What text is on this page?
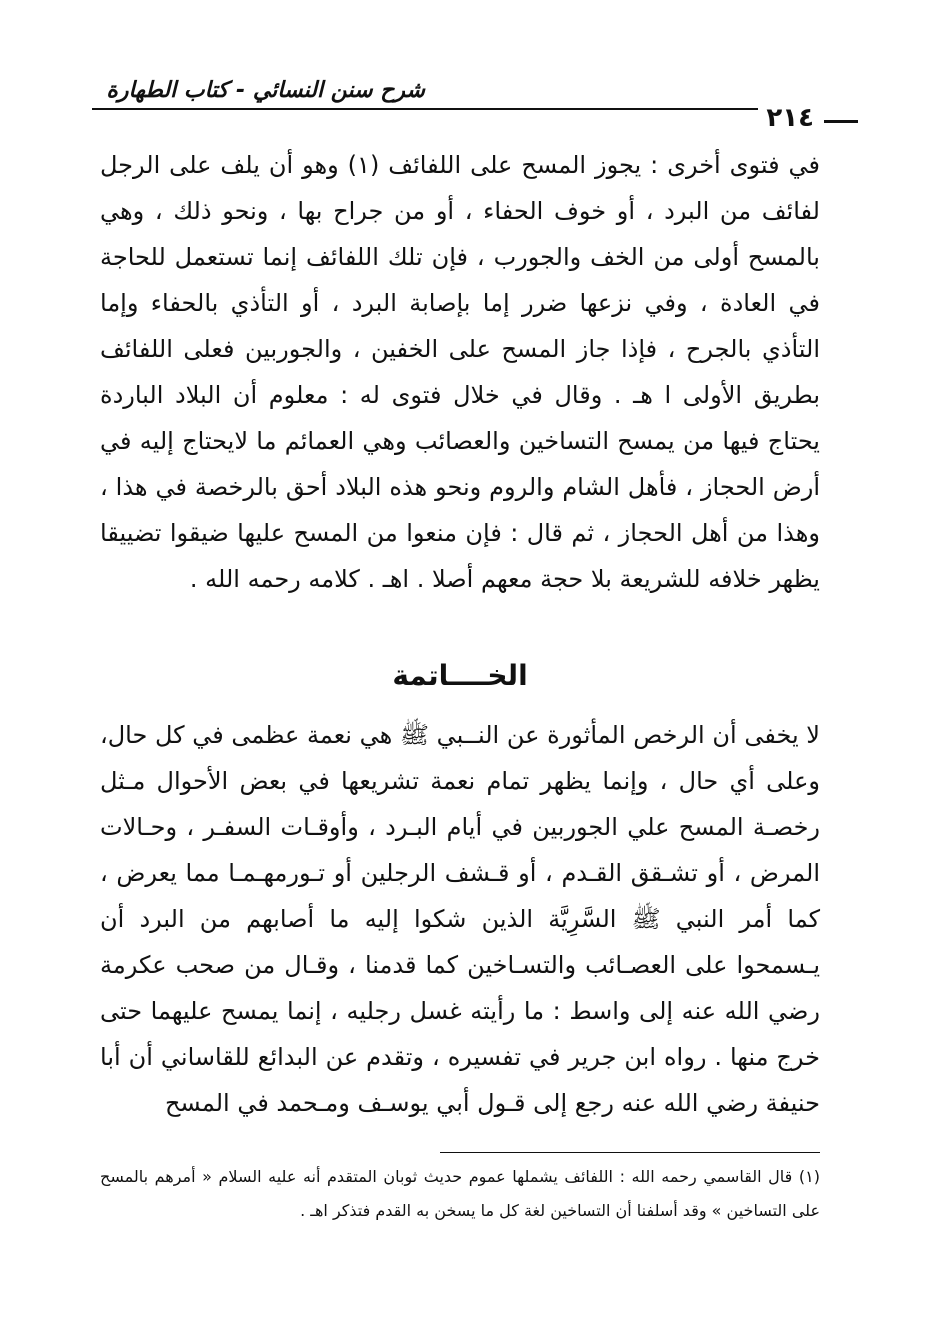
شرح سنن النسائي - كتاب الطهارة
٢١٤

في فتوى أخرى : يجوز المسح على اللفائف (١) وهو أن يلف على الرجل لفائف من البرد ، أو خوف الحفاء ، أو من جراح بها ، ونحو ذلك ، وهي بالمسح أولى من الخف والجورب ، فإن تلك اللفائف إنما تستعمل للحاجة في العادة ، وفي نزعها ضرر إما بإصابة البرد ، أو التأذي بالحفاء وإما التأذي بالجرح ، فإذا جاز المسح على الخفين ، والجوربين فعلى اللفائف بطريق الأولى ا هـ . وقال في خلال فتوى له : معلوم أن البلاد الباردة يحتاج فيها من يمسح التساخين والعصائب وهي العمائم ما لايحتاج إليه في أرض الحجاز ، فأهل الشام والروم ونحو هذه البلاد أحق بالرخصة في هذا ، وهذا من أهل الحجاز ، ثم قال : فإن منعوا من المسح عليها ضيقوا تضييقا يظهر خلافه للشريعة بلا حجة معهم أصلا . اهـ . كلامه رحمه الله .

الخــــاتمة

لا يخفى أن الرخص المأثورة عن النــبي ﷺ هي نعمة عظمى في كل حال، وعلى أي حال ، وإنما يظهر تمام نعمة تشريعها في بعض الأحوال مـثل رخصـة المسح علي الجوربين في أيام البـرد ، وأوقـات السفـر ، وحـالات المرض ، أو تشـقق القـدم ، أو قـشف الرجلين أو تـورمهـمـا مما يعرض ، كما أمر النبي ﷺ السَّرِيَّة الذين شكوا إليه ما أصابهم من البرد أن يـسمحوا على العصـائب والتسـاخين كما قدمنا ، وقـال من صحب عكرمة رضي الله عنه إلى واسط : ما رأيته غسل رجليه ، إنما يمسح عليهما حتى خرج منها . رواه ابن جرير في تفسيره ، وتقدم عن البدائع للقاساني أن أبا حنيفة رضي الله عنه رجع إلى قـول أبي يوسـف ومـحمد في المسح

(١) قال القاسمي رحمه الله : اللفائف يشملها عموم حديث ثوبان المتقدم أنه عليه السلام « أمرهم بالمسح على التساخين » وقد أسلفنا أن التساخين لغة كل ما يسخن به القدم فتذكر اهـ .
